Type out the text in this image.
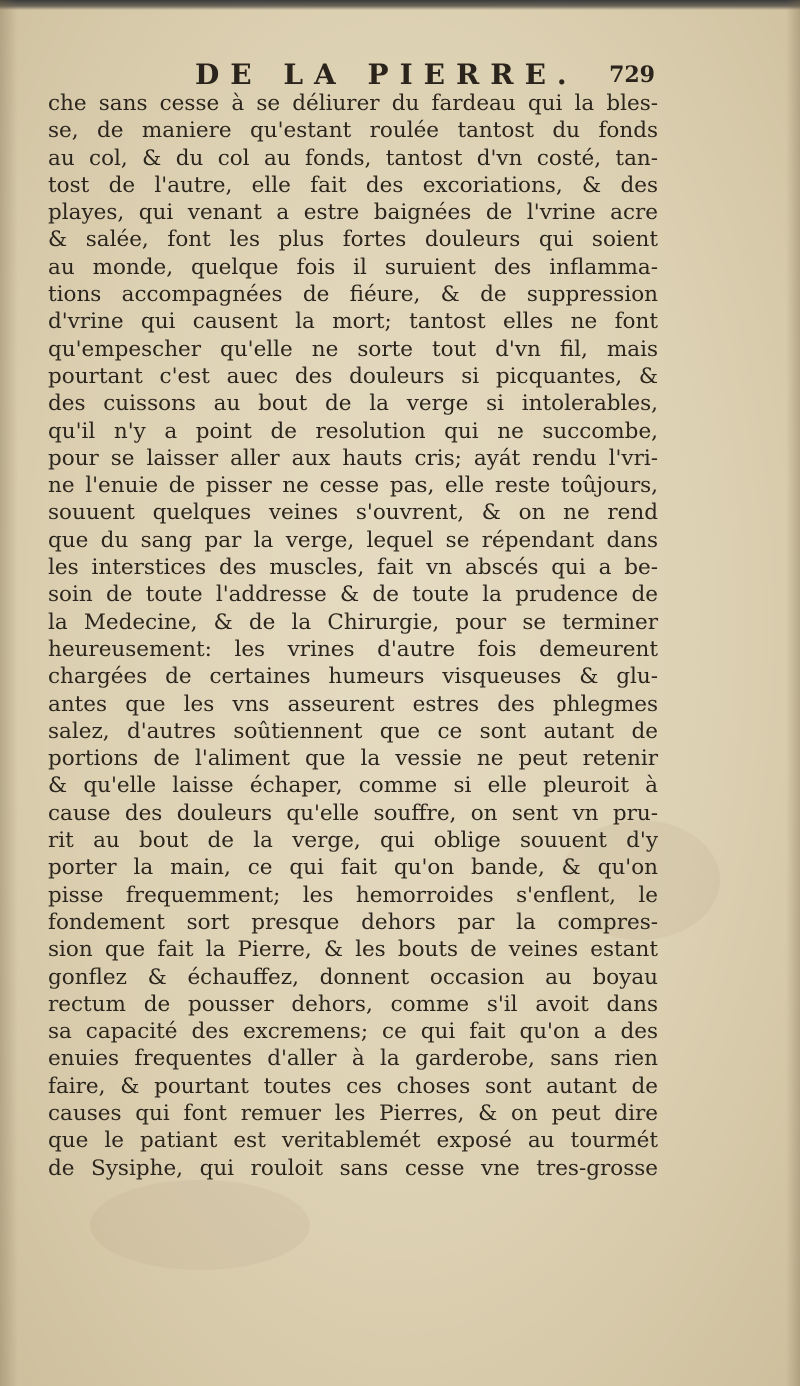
DE LA PIERRE. 729
che sans cesse à se déliurer du fardeau qui la bles-
se, de maniere qu'estant roulée tantost du fonds
au col, & du col au fonds, tantost d'vn costé, tan-
tost de l'autre, elle fait des excoriations, & des
playes, qui venant a estre baignées de l'vrine acre
& salée, font les plus fortes douleurs qui soient
au monde, quelque fois il suruient des inflamma-
tions accompagnées de fiéure, & de suppression
d'vrine qui causent la mort; tantost elles ne font
qu'empescher qu'elle ne sorte tout d'vn fil, mais
pourtant c'est auec des douleurs si picquantes, &
des cuissons au bout de la verge si intolerables,
qu'il n'y a point de resolution qui ne succombe,
pour se laisser aller aux hauts cris; ayát rendu l'vri-
ne l'enuie de pisser ne cesse pas, elle reste toûjours,
souuent quelques veines s'ouvrent, & on ne rend
que du sang par la verge, lequel se répendant dans
les interstices des muscles, fait vn abscés qui a be-
soin de toute l'addresse & de toute la prudence de
la Medecine, & de la Chirurgie, pour se terminer
heureusement: les vrines d'autre fois demeurent
chargées de certaines humeurs visqueuses & glu-
antes que les vns asseurent estres des phlegmes
salez, d'autres soûtiennent que ce sont autant de
portions de l'aliment que la vessie ne peut retenir
& qu'elle laisse échaper, comme si elle pleuroit à
cause des douleurs qu'elle souffre, on sent vn pru-
rit au bout de la verge, qui oblige souuent d'y
porter la main, ce qui fait qu'on bande, & qu'on
pisse frequemment; les hemorroides s'enflent, le
fondement sort presque dehors par la compres-
sion que fait la Pierre, & les bouts de veines estant
gonflez & échauffez, donnent occasion au boyau
rectum de pousser dehors, comme s'il avoit dans
sa capacité des excremens; ce qui fait qu'on a des
enuies frequentes d'aller à la garderobe, sans rien
faire, & pourtant toutes ces choses sont autant de
causes qui font remuer les Pierres, & on peut dire
que le patiant est veritablemét exposé au tourmét
de Sysiphe, qui rouloit sans cesse vne tres-grosse
